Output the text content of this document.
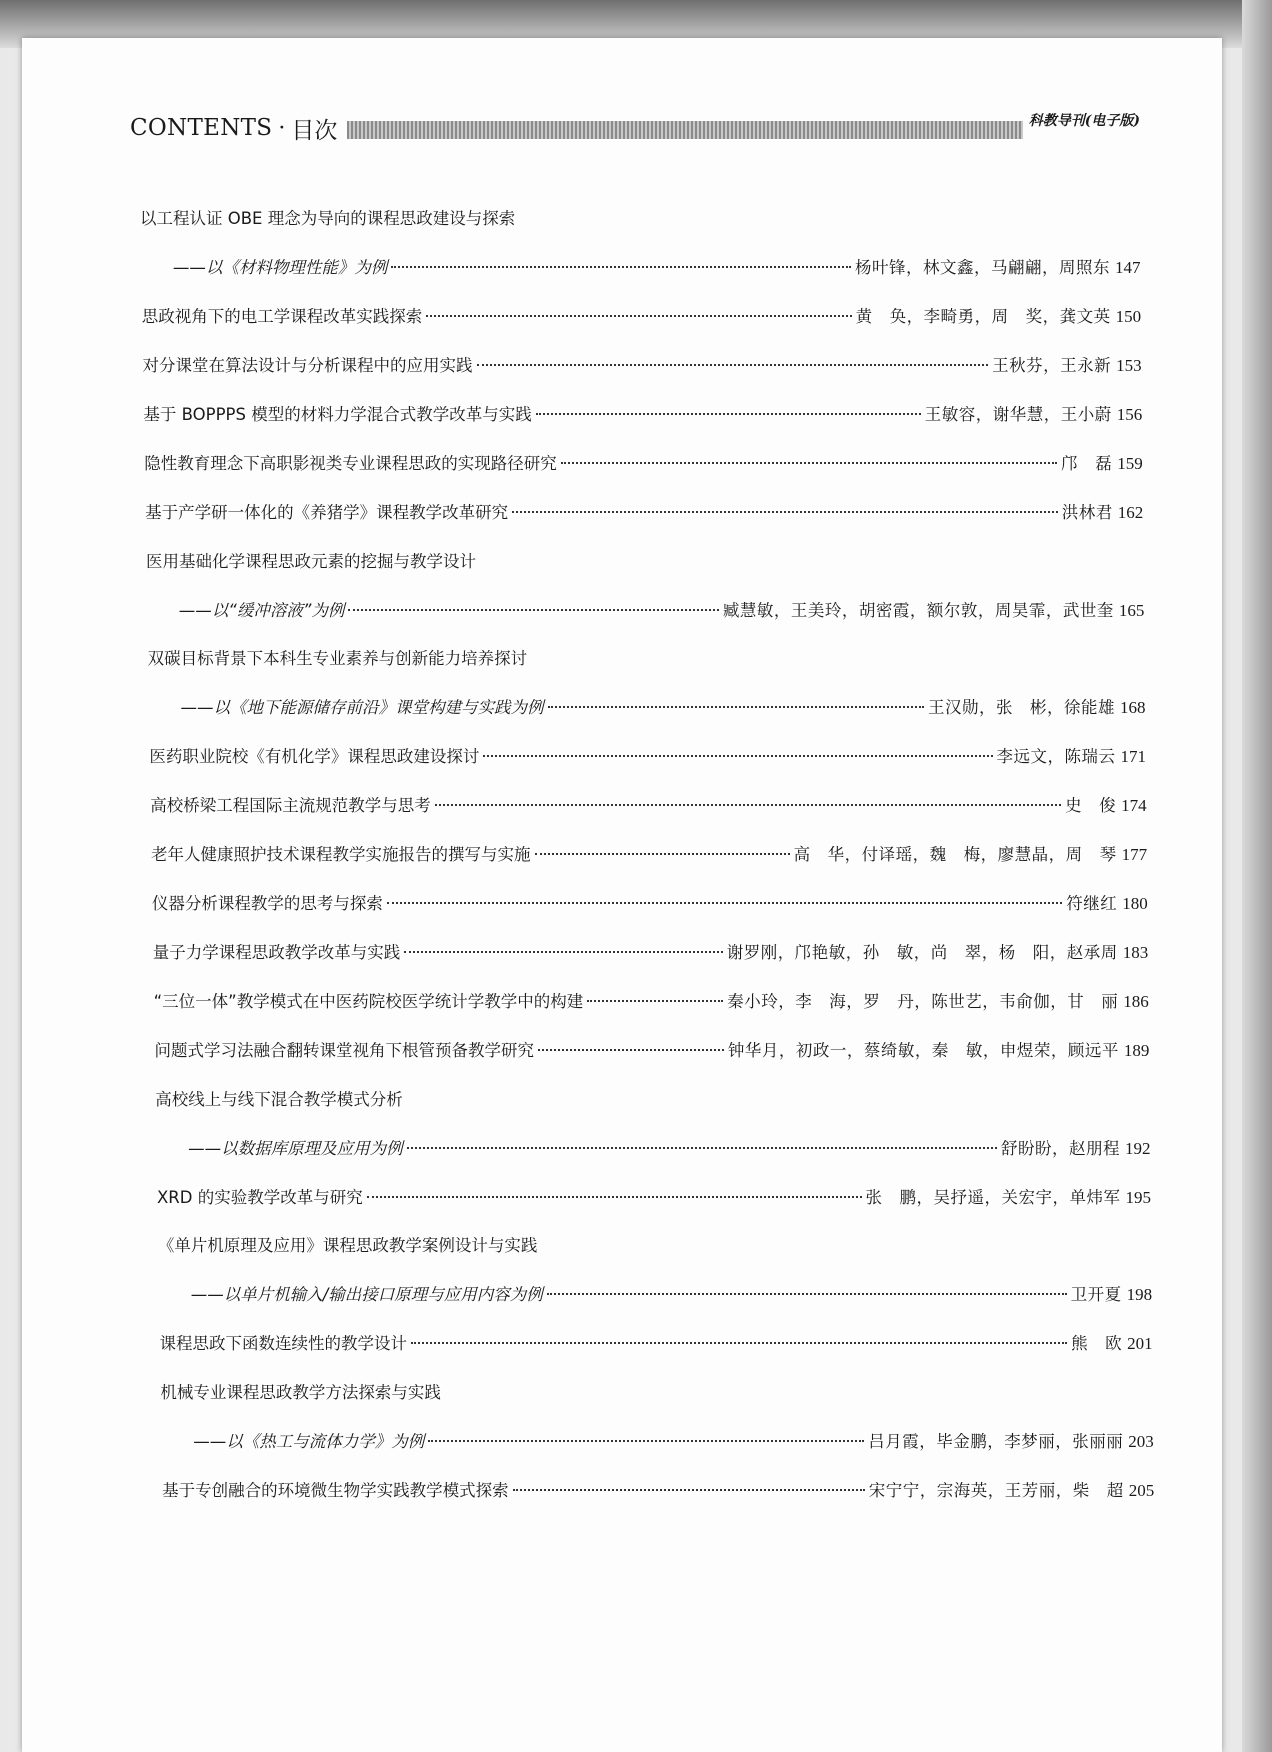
CONTENTS · 目次	科教导刊(电子版)
以工程认证 OBE 理念为导向的课程思政建设与探索
——以《材料物理性能》为例	杨叶锋，林文鑫，马翩翩，周照东 147
思政视角下的电工学课程改革实践探索	黄　奂，李畸勇，周　奖，龚文英 150
对分课堂在算法设计与分析课程中的应用实践	王秋芬，王永新 153
基于 BOPPPS 模型的材料力学混合式教学改革与实践	王敏容，谢华慧，王小蔚 156
隐性教育理念下高职影视类专业课程思政的实现路径研究	邝　磊 159
基于产学研一体化的《养猪学》课程教学改革研究	洪林君 162
医用基础化学课程思政元素的挖掘与教学设计
——以“缓冲溶液”为例	臧慧敏，王美玲，胡密霞，额尔敦，周昊霏，武世奎 165
双碳目标背景下本科生专业素养与创新能力培养探讨
——以《地下能源储存前沿》课堂构建与实践为例	王汉勋，张　彬，徐能雄 168
医药职业院校《有机化学》课程思政建设探讨	李远文，陈瑞云 171
高校桥梁工程国际主流规范教学与思考	史　俊 174
老年人健康照护技术课程教学实施报告的撰写与实施	高　华，付译瑶，魏　梅，廖慧晶，周　琴 177
仪器分析课程教学的思考与探索	符继红 180
量子力学课程思政教学改革与实践	谢罗刚，邝艳敏，孙　敏，尚　翠，杨　阳，赵承周 183
“三位一体”教学模式在中医药院校医学统计学教学中的构建	秦小玲，李　海，罗　丹，陈世艺，韦俞伽，甘　丽 186
问题式学习法融合翻转课堂视角下根管预备教学研究	钟华月，初政一，蔡绮敏，秦　敏，申煜荣，顾远平 189
高校线上与线下混合教学模式分析
——以数据库原理及应用为例	舒盼盼，赵朋程 192
XRD 的实验教学改革与研究	张　鹏，吴抒遥，关宏宇，单炜军 195
《单片机原理及应用》课程思政教学案例设计与实践
——以单片机输入/输出接口原理与应用内容为例	卫开夏 198
课程思政下函数连续性的教学设计	熊　欧 201
机械专业课程思政教学方法探索与实践
——以《热工与流体力学》为例	吕月霞，毕金鹏，李梦丽，张丽丽 203
基于专创融合的环境微生物学实践教学模式探索	宋宁宁，宗海英，王芳丽，柴　超 205
